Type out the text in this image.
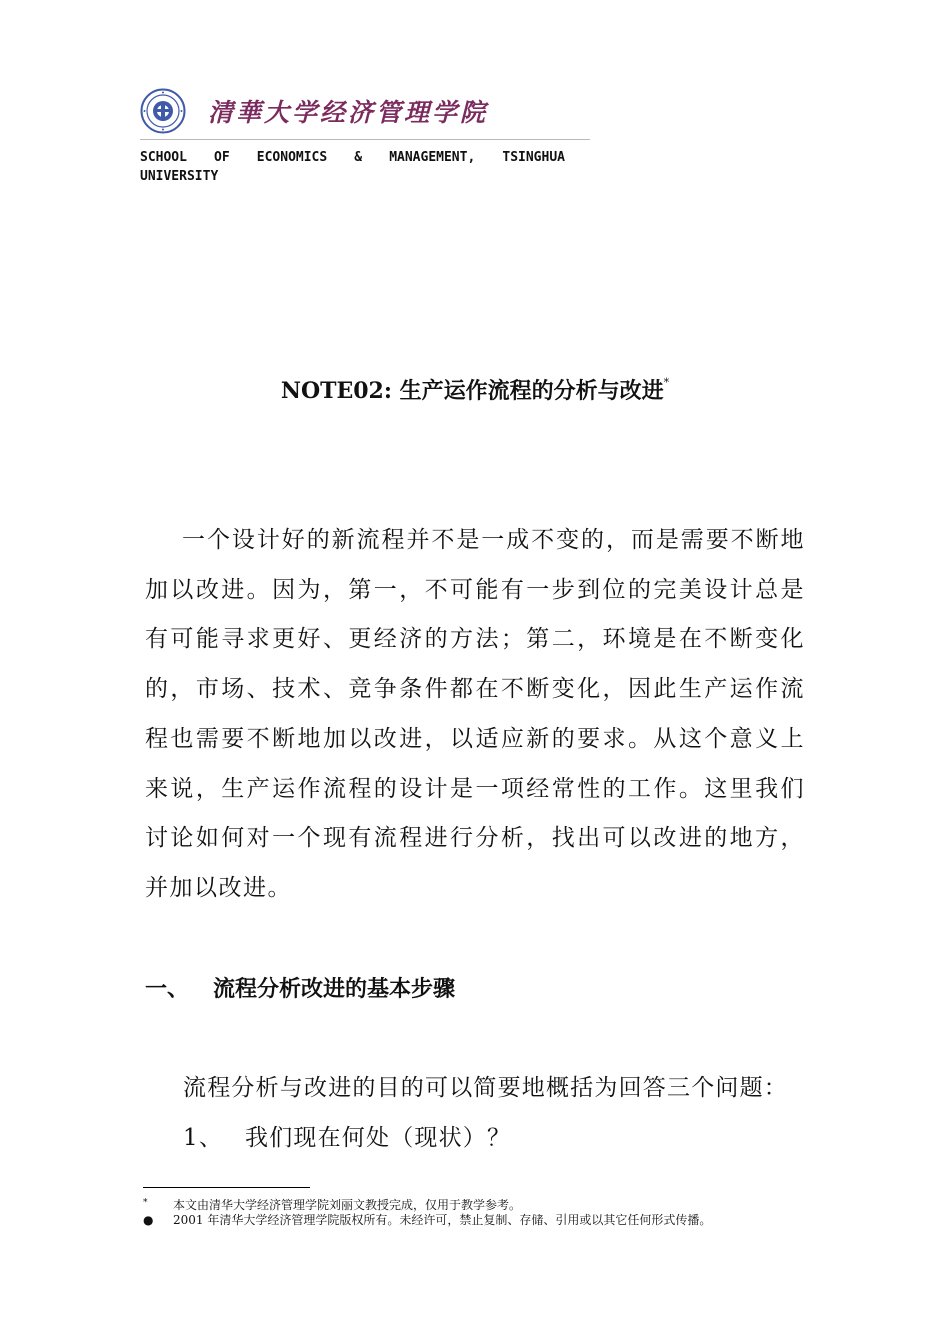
清華大学经济管理学院
SCHOOL OF ECONOMICS & MANAGEMENT, TSINGHUA
UNIVERSITY
NOTE02: 生产运作流程的分析与改进*

一个设计好的新流程并不是一成不变的，而是需要不断地加以改进。因为，第一，不可能有一步到位的完美设计总是有可能寻求更好、更经济的方法；第二，环境是在不断变化的，市场、技术、竞争条件都在不断变化，因此生产运作流程也需要不断地加以改进，以适应新的要求。从这个意义上来说，生产运作流程的设计是一项经常性的工作。这里我们讨论如何对一个现有流程进行分析，找出可以改进的地方，并加以改进。

一、 流程分析改进的基本步骤

流程分析与改进的目的可以简要地概括为回答三个问题：

1、 我们现在何处（现状）？
* 本文由清华大学经济管理学院刘丽文教授完成，仅用于教学参考。
● 2001 年清华大学经济管理学院版权所有。未经许可，禁止复制、存储、引用或以其它任何形式传播。
